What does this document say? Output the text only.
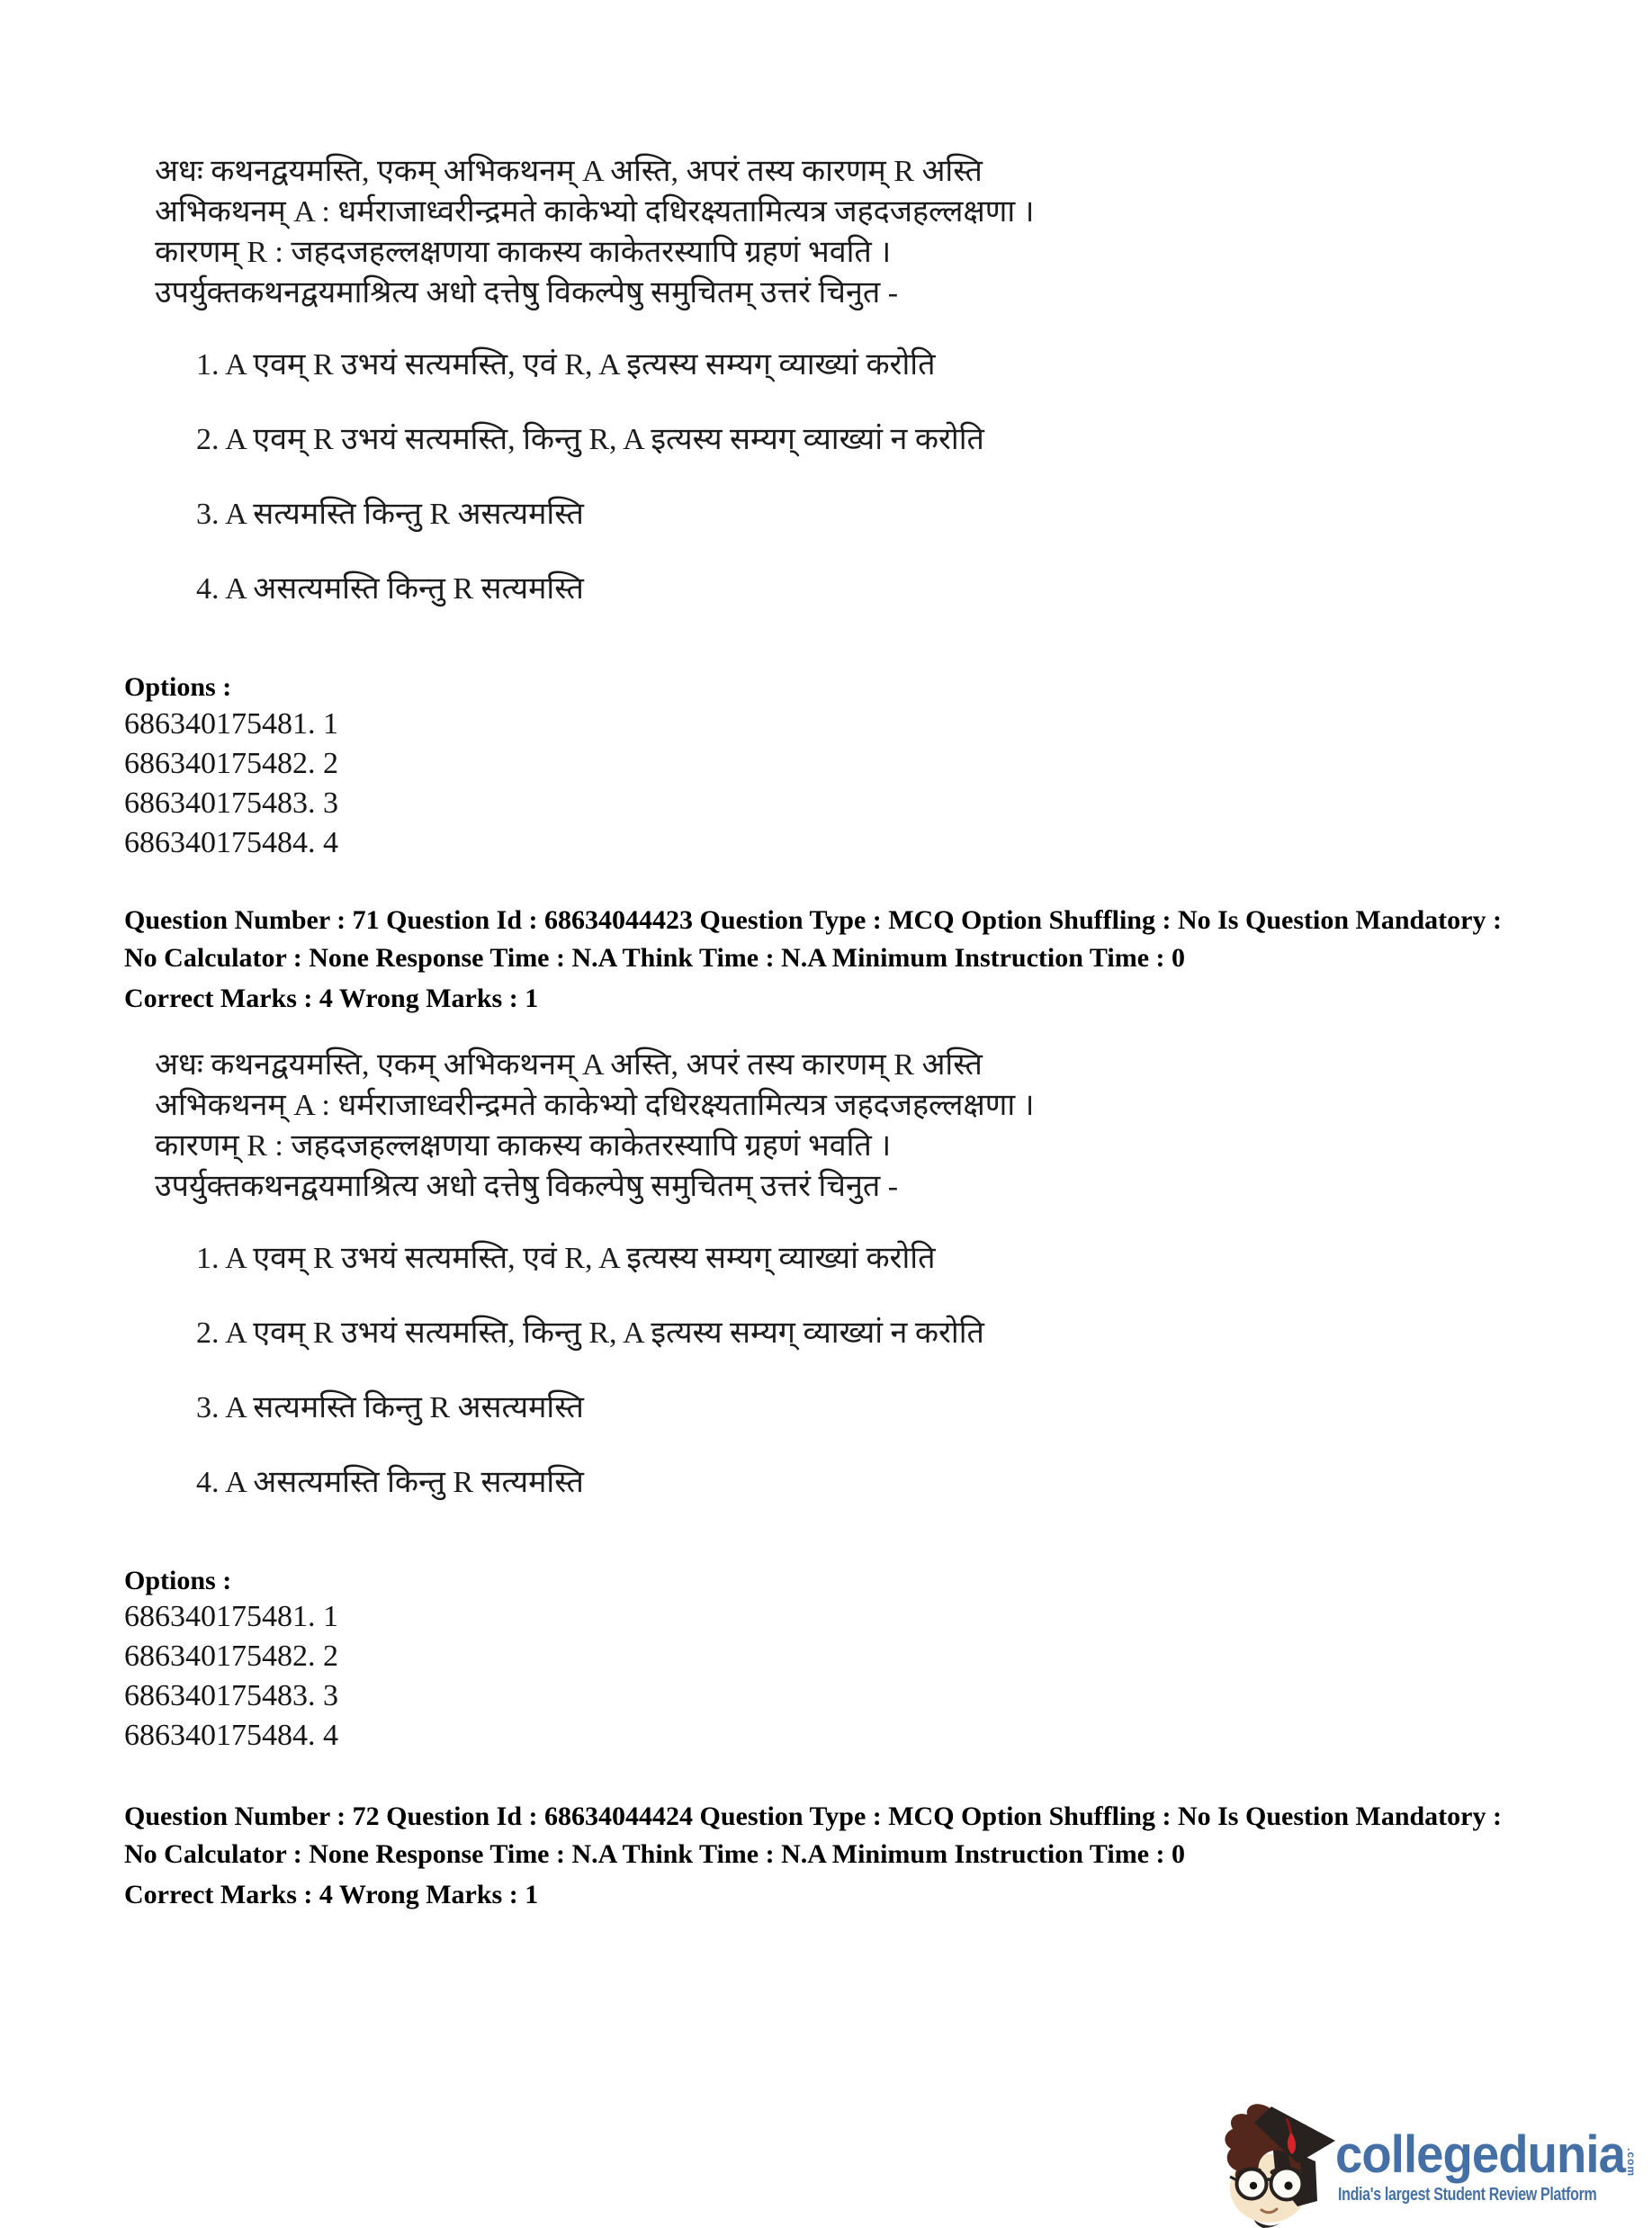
अधः कथनद्वयमस्ति, एकम् अभिकथनम् A अस्ति, अपरं तस्य कारणम् R अस्ति
अभिकथनम् A : धर्मराजाध्वरीन्द्रमते काकेभ्यो दधिरक्ष्यतामित्यत्र जहदजहल्लक्षणा ।
कारणम् R : जहदजहल्लक्षणया काकस्य काकेतरस्यापि ग्रहणं भवति ।
उपर्युक्तकथनद्वयमाश्रित्य अधो दत्तेषु विकल्पेषु समुचितम् उत्तरं चिनुत -
1. A एवम् R उभयं सत्यमस्ति, एवं R, A इत्यस्य सम्यग् व्याख्यां करोति
2. A एवम् R उभयं सत्यमस्ति, किन्तु R, A इत्यस्य सम्यग् व्याख्यां न करोति
3. A सत्यमस्ति किन्तु R असत्यमस्ति
4. A असत्यमस्ति किन्तु R सत्यमस्ति
Options :
686340175481. 1
686340175482. 2
686340175483. 3
686340175484. 4
Question Number : 71 Question Id : 68634044423 Question Type : MCQ Option Shuffling : No Is Question Mandatory :
No Calculator : None Response Time : N.A Think Time : N.A Minimum Instruction Time : 0
Correct Marks : 4 Wrong Marks : 1
अधः कथनद्वयमस्ति, एकम् अभिकथनम् A अस्ति, अपरं तस्य कारणम् R अस्ति
अभिकथनम् A : धर्मराजाध्वरीन्द्रमते काकेभ्यो दधिरक्ष्यतामित्यत्र जहदजहल्लक्षणा ।
कारणम् R : जहदजहल्लक्षणया काकस्य काकेतरस्यापि ग्रहणं भवति ।
उपर्युक्तकथनद्वयमाश्रित्य अधो दत्तेषु विकल्पेषु समुचितम् उत्तरं चिनुत -
1. A एवम् R उभयं सत्यमस्ति, एवं R, A इत्यस्य सम्यग् व्याख्यां करोति
2. A एवम् R उभयं सत्यमस्ति, किन्तु R, A इत्यस्य सम्यग् व्याख्यां न करोति
3. A सत्यमस्ति किन्तु R असत्यमस्ति
4. A असत्यमस्ति किन्तु R सत्यमस्ति
Options :
686340175481. 1
686340175482. 2
686340175483. 3
686340175484. 4
Question Number : 72 Question Id : 68634044424 Question Type : MCQ Option Shuffling : No Is Question Mandatory :
No Calculator : None Response Time : N.A Think Time : N.A Minimum Instruction Time : 0
Correct Marks : 4 Wrong Marks : 1
collegedunia .com
India's largest Student Review Platform
